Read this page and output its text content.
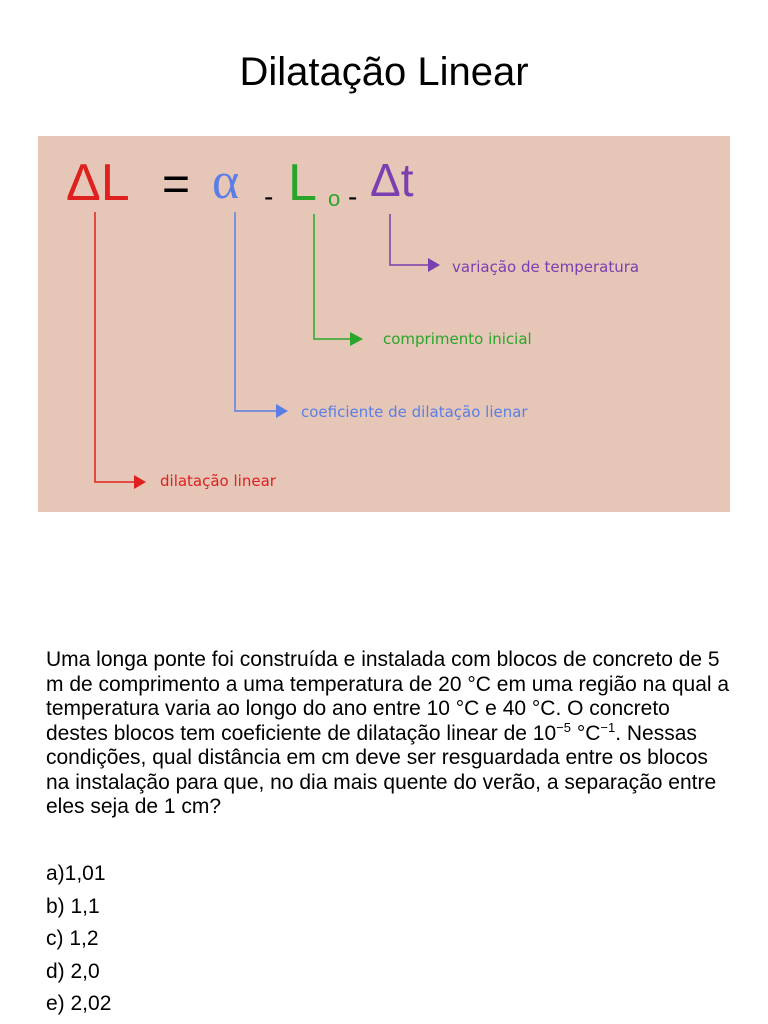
Dilatação Linear
ΔL = α - L o - Δt
variação de temperatura
comprimento inicial
coeficiente de dilatação lienar
dilatação linear

Uma longa ponte foi construída e instalada com blocos de concreto de 5 m de comprimento a uma temperatura de 20 °C em uma região na qual a temperatura varia ao longo do ano entre 10 °C e 40 °C. O concreto destes blocos tem coeficiente de dilatação linear de $10^{-5}$ $^\circ C^{-1}$. Nessas condições, qual distância em cm deve ser resguardada entre os blocos na instalação para que, no dia mais quente do verão, a separação entre eles seja de 1 cm?

a)1,01
b) 1,1
c) 1,2
d) 2,0
e) 2,02
